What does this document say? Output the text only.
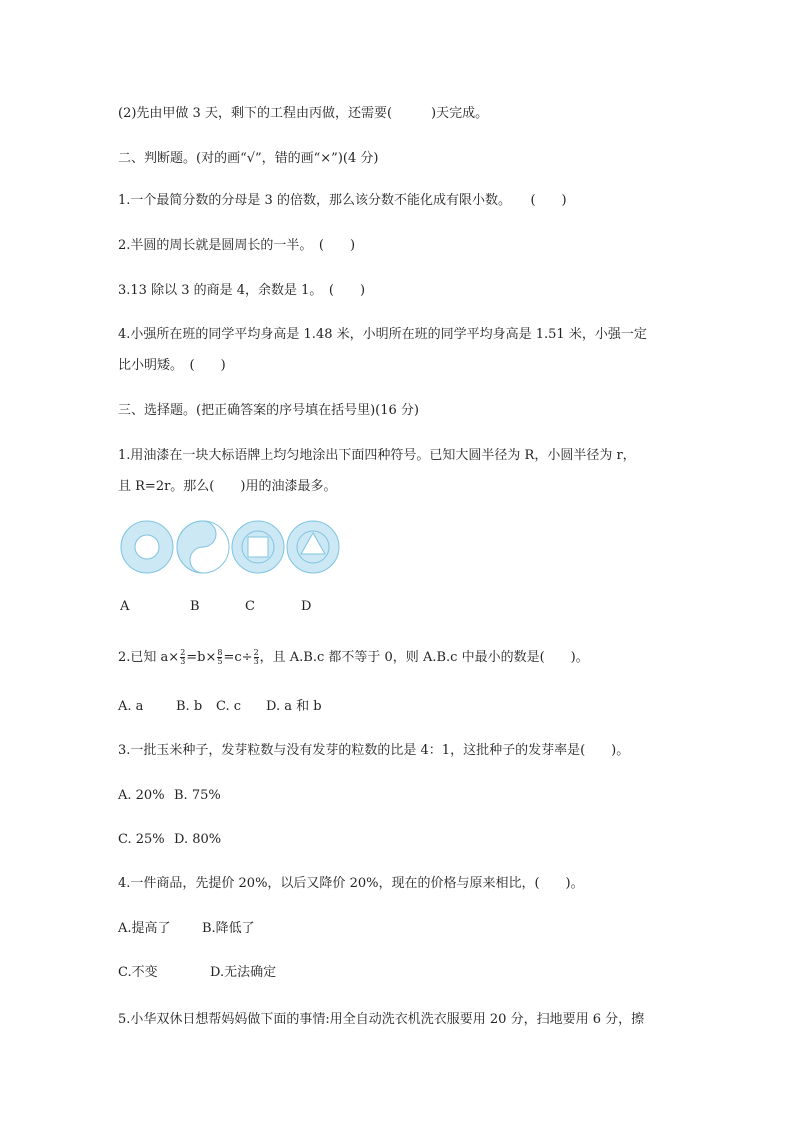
(2)先由甲做 3 天，剩下的工程由丙做，还需要(　　　)天完成。
二、判断题。(对的画“√”，错的画“×”)(4 分)
1.一个最简分数的分母是 3 的倍数，那么该分数不能化成有限小数。　　(　　)
2.半圆的周长就是圆周长的一半。　(　　)
3.13 除以 3 的商是 4，余数是 1。　(　　)
4.小强所在班的同学平均身高是 1.48 米，小明所在班的同学平均身高是 1.51 米，小强一定
比小明矮。　(　　)
三、选择题。(把正确答案的序号填在括号里)(16 分)
1.用油漆在一块大标语牌上均匀地涂出下面四种符号。已知大圆半径为 R，小圆半径为 r，
且 R=2r。那么(　　)用的油漆最多。
A	B	C	D
2.已知 $a\times \frac{2}{3} =b\times \frac{8}{5} =c\div \frac{2}{3}$ ，且 A.B.c 都不等于 0，则 A.B.c 中最小的数是(　　)。
A. a	B. b C. c D. a 和 b
3.一批玉米种子，发芽粒数与没有发芽的粒数的比是 4：1，这批种子的发芽率是(　　)。
A. 20% B. 75%
C. 25% D. 80%
4.一件商品，先提价 20%，以后又降价 20%，现在的价格与原来相比，(　　)。
A.提高了 B.降低了
C.不变	D.无法确定
5.小华双休日想帮妈妈做下面的事情:用全自动洗衣机洗衣服要用 20 分，扫地要用 6 分，擦
